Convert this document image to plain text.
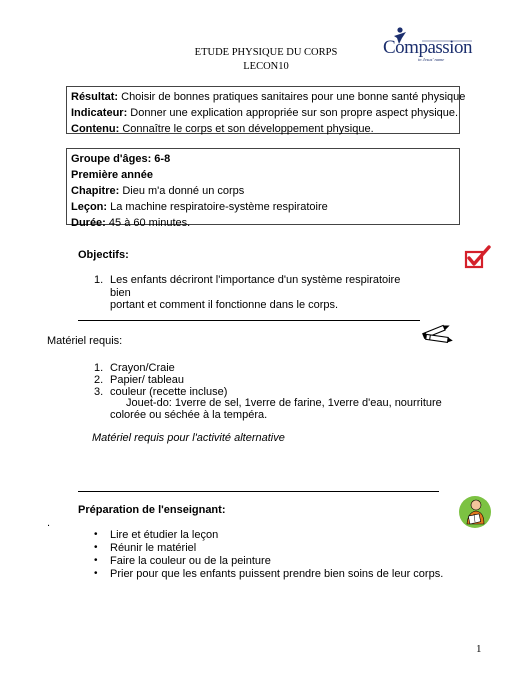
ETUDE PHYSIQUE DU CORPS
LECON10
Compassion
in Jesus' name
Résultat: Choisir de bonnes pratiques sanitaires pour une bonne santé physique
Indicateur: Donner une explication appropriée sur son propre aspect physique.
Contenu: Connaître le corps et son développement physique.
Groupe d'âges: 6-8
Première année
Chapitre: Dieu m'a donné un corps
Leçon: La machine respiratoire-système respiratoire
Durée: 45 à 60 minutes.
Objectifs:
1. Les enfants décriront l'importance d'un système respiratoire bien
portant et comment il fonctionne dans le corps.
Matériel requis:
1. Crayon/Craie
2. Papier/ tableau
3. couleur (recette incluse)
Jouet-do: 1verre de sel, 1verre de farine, 1verre d'eau, nourriture
colorée ou séchée à la tempéra.
Matériel requis pour l'activité alternative
Préparation de l'enseignant:
.
• Lire et étudier la leçon
• Réunir le matériel
• Faire la couleur ou de la peinture
• Prier pour que les enfants puissent prendre bien soins de leur corps.
1
